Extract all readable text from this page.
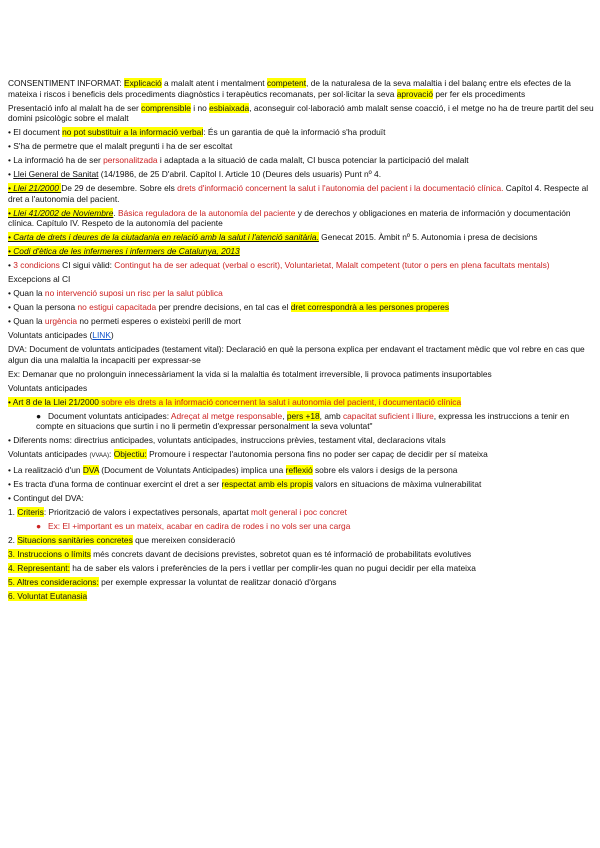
CONSENTIMENT INFORMAT: Explicació a malalt atent i mentalment competent, de la naturalesa de la seva malaltia i del balanç entre els efectes de la mateixa i riscos i beneficis dels procediments diagnòstics i terapèutics recomanats, per sol·licitar la seva aprovació per fer els procediments

Presentació info al malalt ha de ser comprensible i no esbiaixada, aconseguir col·laboració amb malalt sense coacció, i el metge no ha de treure partit del seu domini psicològic sobre el malalt

• El document no pot substituir a la informació verbal: És un garantia de què la informació s'ha produït

• S'ha de permetre que el malalt pregunti i ha de ser escoltat

• La informació ha de ser personalitzada i adaptada a la situació de cada malalt, CI busca potenciar la participació del malalt

• Llei General de Sanitat (14/1986, de 25 D'abril. Capítol I. Article 10 (Deures dels usuaris) Punt nº 4.

• Llei 21/2000 De 29 de desembre. Sobre els drets d'informació concernent la salut i l'autonomia del pacient i la documentació clínica. Capítol 4. Respecte al dret a l'autonomia del pacient.

• Llei 41/2002 de Noviembre. Básica reguladora de la autonomía del paciente y de derechos y obligaciones en materia de información y documentación clínica. Capítulo IV. Respeto de la autonomía del paciente

• Carta de drets i deures de la ciutadania en relació amb la salut i l'atenció sanitària. Genecat 2015. Àmbit nº 5. Autonomia i presa de decisions

• Codi d'ètica de les infermeres i infermers de Catalunya, 2013

• 3 condicions CI sigui vàlid: Contingut ha de ser adequat (verbal o escrit), Voluntarietat, Malalt competent (tutor o pers en plena facultats mentals)

Excepcions al CI

• Quan la no intervenció suposi un risc per la salut pública

• Quan la persona no estigui capacitada per prendre decisions, en tal cas el dret correspondrà a les persones properes

• Quan la urgència no permeti esperes o existeixi perill de mort

Voluntats anticipades (LINK)

DVA: Document de voluntats anticipades (testament vital): Declaració en què la persona explica per endavant el tractament mèdic que vol rebre en cas que algun dia una malaltia la incapaciti per expressar-se

Ex: Demanar que no prolonguin innecessàriament la vida si la malaltia és totalment irreversible, li provoca patiments insuportables

Voluntats anticipades

• Art 8 de la Llei 21/2000 sobre els drets a la informació concernent la salut i autonomia del pacient, i documentació clínica

● Document voluntats anticipades: Adreçat al metge responsable, pers +18, amb capacitat suficient i lliure, expressa les instruccions a tenir en compte en situacions que surtin i no li permetin d'expressar personalment la seva voluntat"

• Diferents noms: directrius anticipades, voluntats anticipades, instruccions prèvies, testament vital, declaracions vitals

Voluntats anticipades (VVAA): Objectiu: Promoure i respectar l'autonomia persona fins no poder ser capaç de decidir per sí mateixa

• La realització d'un DVA (Document de Voluntats Anticipades) implica una reflexió sobre els valors i desigs de la persona

• Es tracta d'una forma de continuar exercint el dret a ser respectat amb els propis valors en situacions de màxima vulnerabilitat

• Contingut del DVA:

1. Criteris: Priorització de valors i expectatives personals, apartat molt general i poc concret

● Ex: El +important es un mateix, acabar en cadira de rodes i no vols ser una carga

2. Situacions sanitàries concretes que mereixen consideració

3. Instruccions o límits més concrets davant de decisions previstes, sobretot quan es té informació de probabilitats evolutives

4. Representant: ha de saber els valors i preferències de la pers i vetllar per complir-les quan no pugui decidir per ella mateixa

5. Altres consideracions: per exemple expressar la voluntat de realitzar donació d'òrgans

6. Voluntat Eutanasia
